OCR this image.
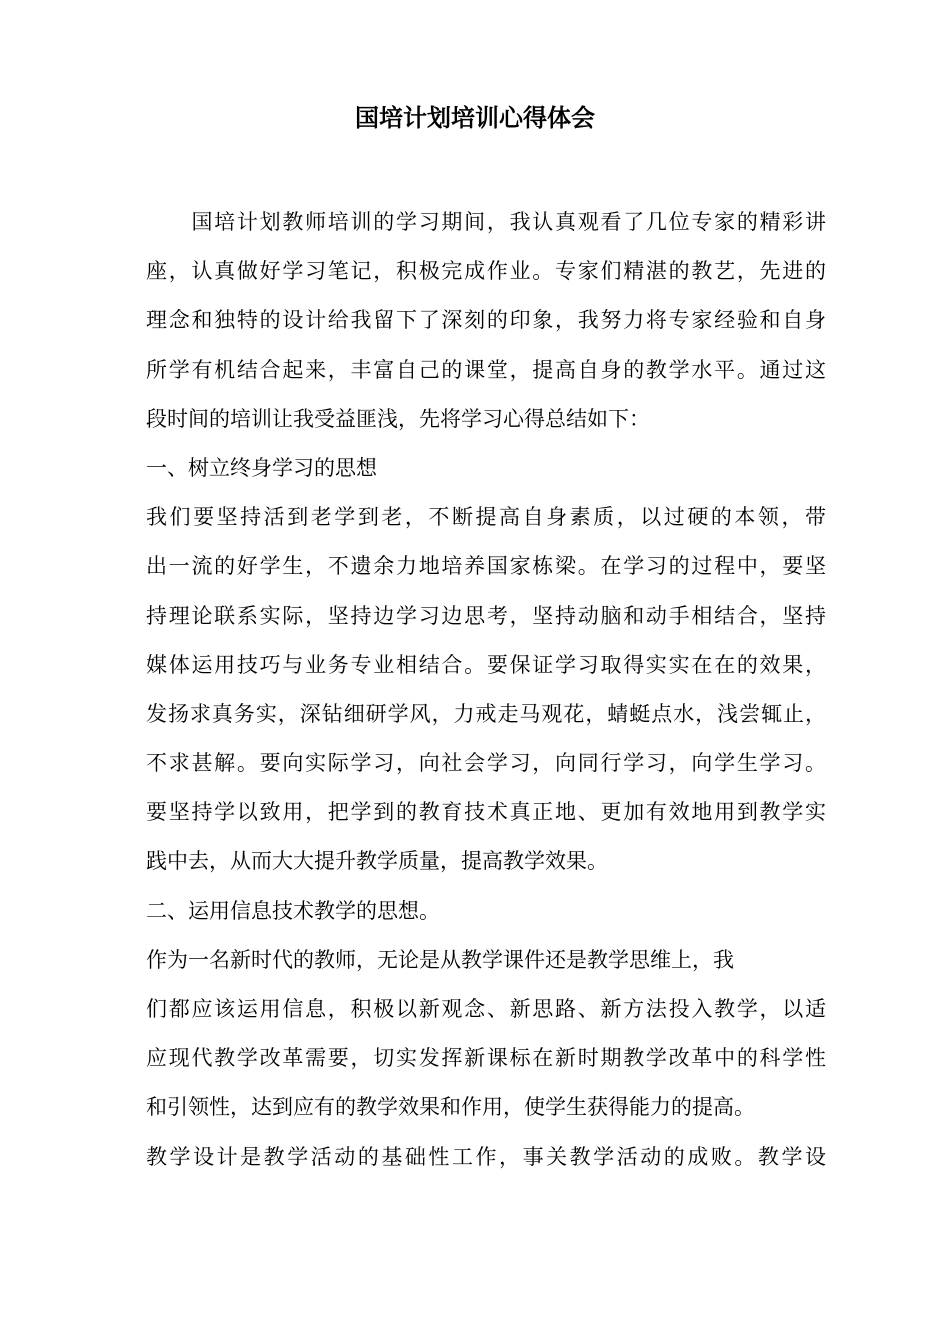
国培计划培训心得体会
　　国培计划教师培训的学习期间，我认真观看了几位专家的精彩讲
座，认真做好学习笔记，积极完成作业。专家们精湛的教艺，先进的
理念和独特的设计给我留下了深刻的印象，我努力将专家经验和自身
所学有机结合起来，丰富自己的课堂，提高自身的教学水平。通过这
段时间的培训让我受益匪浅，先将学习心得总结如下：
一、树立终身学习的思想
我们要坚持活到老学到老，不断提高自身素质，以过硬的本领，带
出一流的好学生，不遗余力地培养国家栋梁。在学习的过程中，要坚
持理论联系实际，坚持边学习边思考，坚持动脑和动手相结合，坚持
媒体运用技巧与业务专业相结合。要保证学习取得实实在在的效果，
发扬求真务实，深钻细研学风，力戒走马观花，蜻蜓点水，浅尝辄止，
不求甚解。要向实际学习，向社会学习，向同行学习，向学生学习。
要坚持学以致用，把学到的教育技术真正地、更加有效地用到教学实
践中去，从而大大提升教学质量，提高教学效果。
二、运用信息技术教学的思想。
作为一名新时代的教师，无论是从教学课件还是教学思维上，我
们都应该运用信息，积极以新观念、新思路、新方法投入教学，以适
应现代教学改革需要，切实发挥新课标在新时期教学改革中的科学性
和引领性，达到应有的教学效果和作用，使学生获得能力的提高。
教学设计是教学活动的基础性工作，事关教学活动的成败。教学设
